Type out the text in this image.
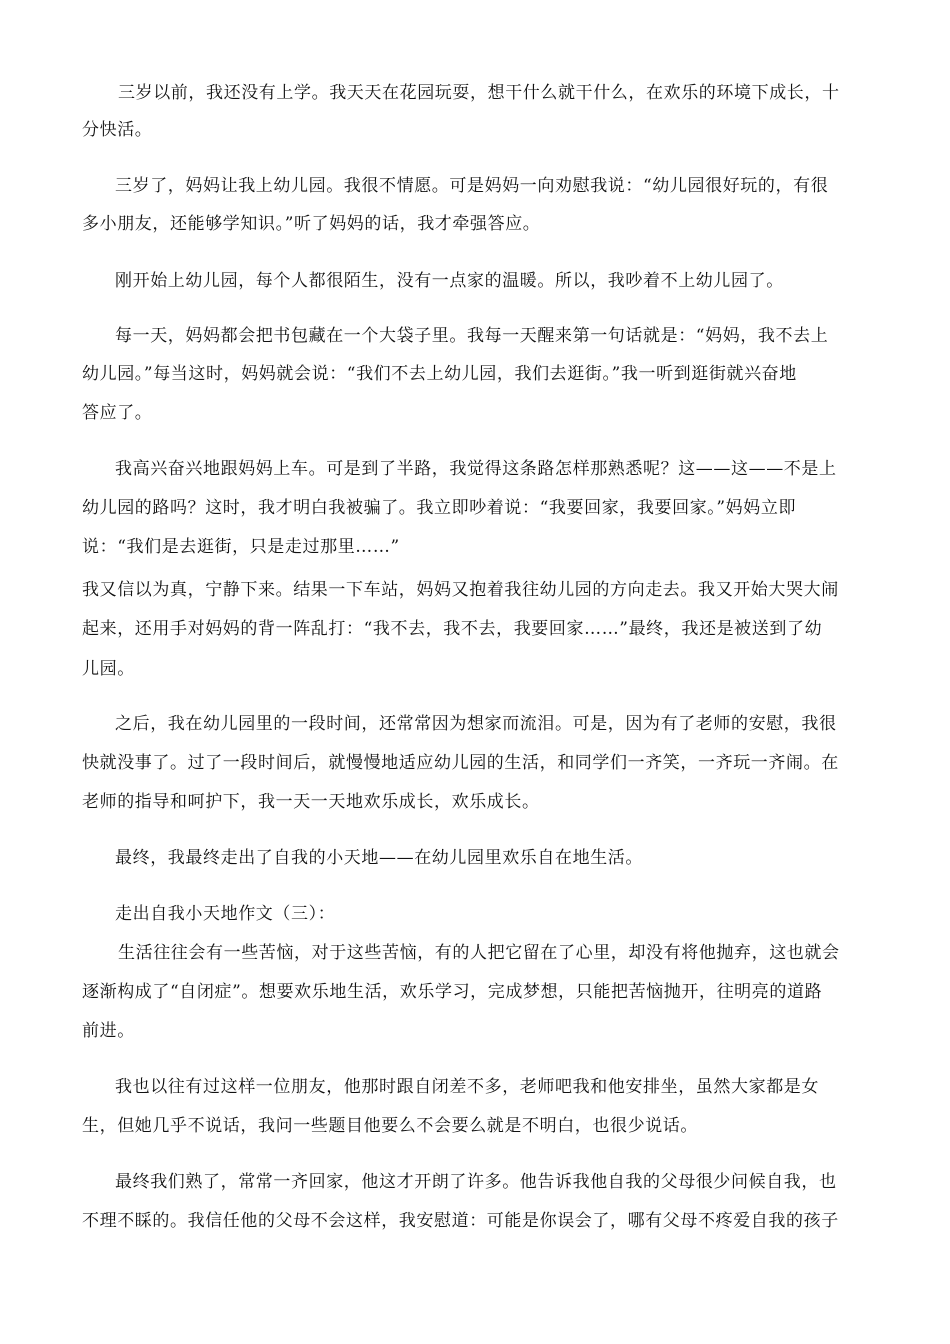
三岁以前，我还没有上学。我天天在花园玩耍，想干什么就干什么，在欢乐的环境下成长，十
分快活。
三岁了，妈妈让我上幼儿园。我很不情愿。可是妈妈一向劝慰我说：“幼儿园很好玩的，有很
多小朋友，还能够学知识。”听了妈妈的话，我才牵强答应。
刚开始上幼儿园，每个人都很陌生，没有一点家的温暖。所以，我吵着不上幼儿园了。
每一天，妈妈都会把书包藏在一个大袋子里。我每一天醒来第一句话就是：“妈妈，我不去上
幼儿园。”每当这时，妈妈就会说：“我们不去上幼儿园，我们去逛街。”我一听到逛街就兴奋地
答应了。
我高兴奋兴地跟妈妈上车。可是到了半路，我觉得这条路怎样那熟悉呢？这——这——不是上
幼儿园的路吗？这时，我才明白我被骗了。我立即吵着说：“我要回家，我要回家。”妈妈立即
说：“我们是去逛街，只是走过那里……”
我又信以为真，宁静下来。结果一下车站，妈妈又抱着我往幼儿园的方向走去。我又开始大哭大闹
起来，还用手对妈妈的背一阵乱打：“我不去，我不去，我要回家……”最终，我还是被送到了幼
儿园。
之后，我在幼儿园里的一段时间，还常常因为想家而流泪。可是，因为有了老师的安慰，我很
快就没事了。过了一段时间后，就慢慢地适应幼儿园的生活，和同学们一齐笑，一齐玩一齐闹。在
老师的指导和呵护下，我一天一天地欢乐成长，欢乐成长。
最终，我最终走出了自我的小天地——在幼儿园里欢乐自在地生活。
走出自我小天地作文（三）：
生活往往会有一些苦恼，对于这些苦恼，有的人把它留在了心里，却没有将他抛弃，这也就会
逐渐构成了“自闭症”。想要欢乐地生活，欢乐学习，完成梦想，只能把苦恼抛开，往明亮的道路
前进。
我也以往有过这样一位朋友，他那时跟自闭差不多，老师吧我和他安排坐，虽然大家都是女
生，但她几乎不说话，我问一些题目他要么不会要么就是不明白，也很少说话。
最终我们熟了，常常一齐回家，他这才开朗了许多。他告诉我他自我的父母很少问候自我，也
不理不睬的。我信任他的父母不会这样，我安慰道：可能是你误会了，哪有父母不疼爱自我的孩子
